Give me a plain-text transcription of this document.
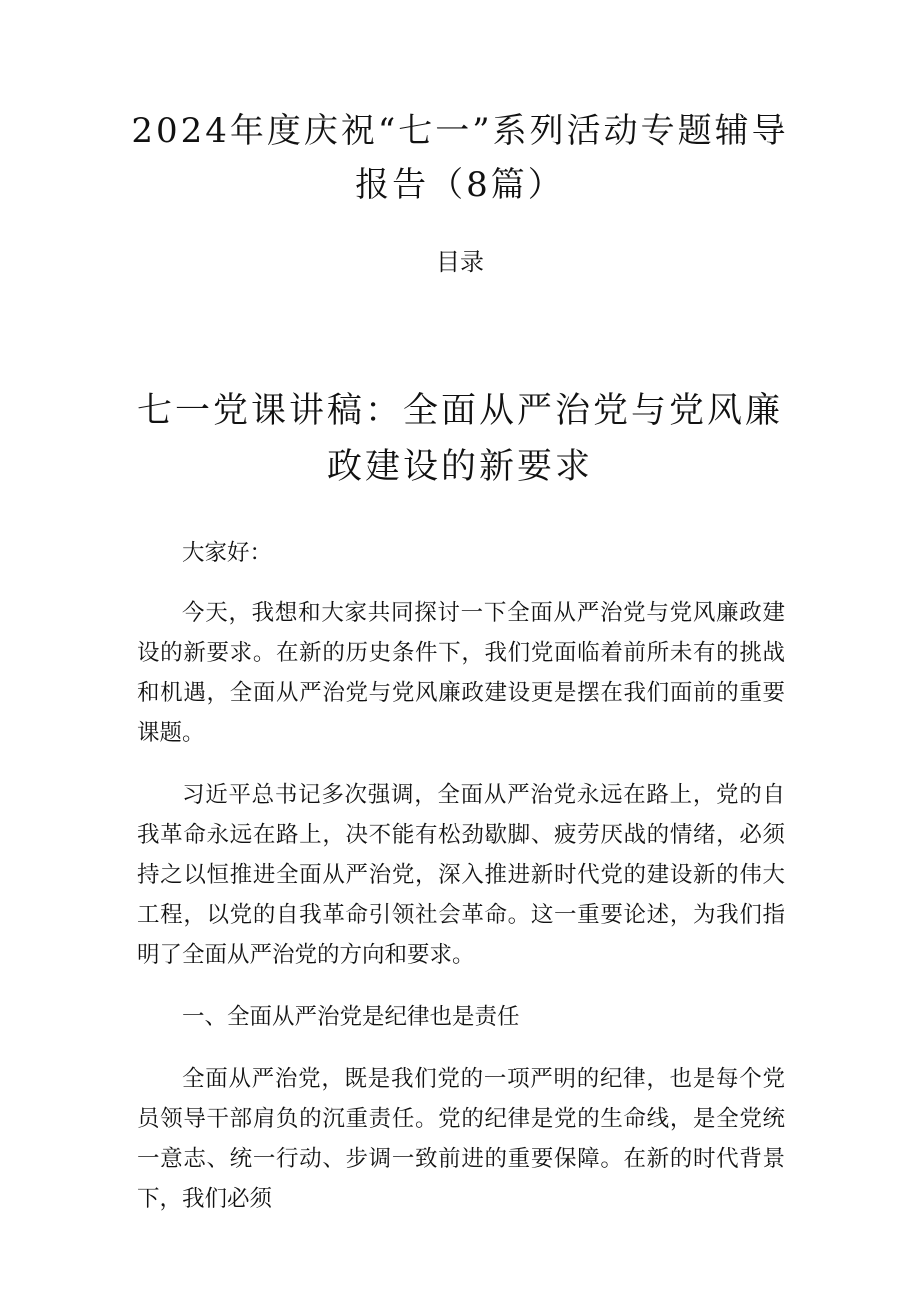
2024年度庆祝“七一”系列活动专题辅导报告（8篇）
目录
七一党课讲稿：全面从严治党与党风廉政建设的新要求

大家好：

今天，我想和大家共同探讨一下全面从严治党与党风廉政建设的新要求。在新的历史条件下，我们党面临着前所未有的挑战和机遇，全面从严治党与党风廉政建设更是摆在我们面前的重要课题。

习近平总书记多次强调，全面从严治党永远在路上，党的自我革命永远在路上，决不能有松劲歇脚、疲劳厌战的情绪，必须持之以恒推进全面从严治党，深入推进新时代党的建设新的伟大工程，以党的自我革命引领社会革命。这一重要论述，为我们指明了全面从严治党的方向和要求。

一、全面从严治党是纪律也是责任

全面从严治党，既是我们党的一项严明的纪律，也是每个党员领导干部肩负的沉重责任。党的纪律是党的生命线，是全党统一意志、统一行动、步调一致前进的重要保障。在新的时代背景下，我们必须
